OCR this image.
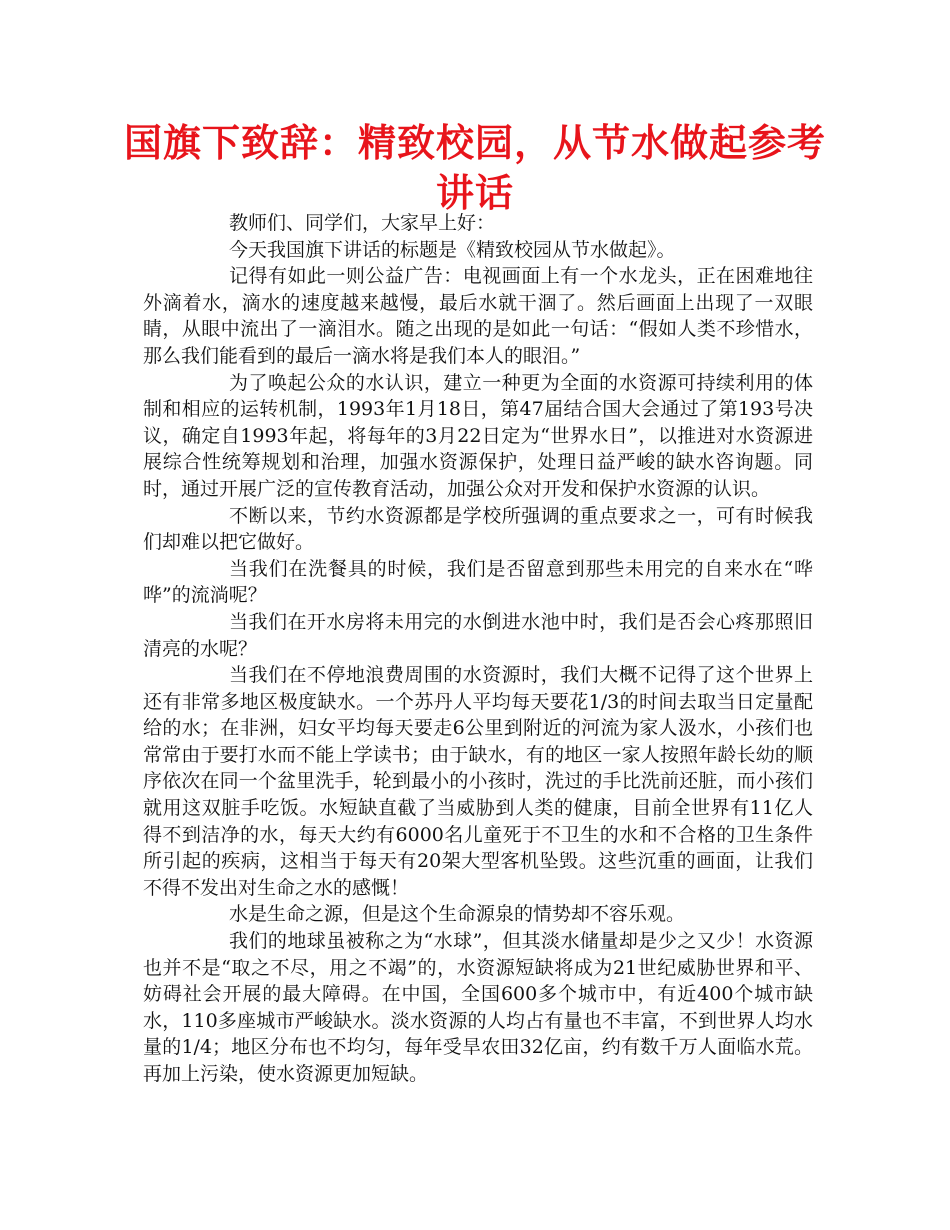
国旗下致辞：精致校园，从节水做起参考讲话

教师们、同学们，大家早上好：

今天我国旗下讲话的标题是《精致校园从节水做起》。

记得有如此一则公益广告：电视画面上有一个水龙头，正在困难地往外滴着水，滴水的速度越来越慢，最后水就干涸了。然后画面上出现了一双眼睛，从眼中流出了一滴泪水。随之出现的是如此一句话：“假如人类不珍惜水，那么我们能看到的最后一滴水将是我们本人的眼泪。”

为了唤起公众的水认识，建立一种更为全面的水资源可持续利用的体制和相应的运转机制，1993年1月18日，第47届结合国大会通过了第193号决议，确定自1993年起，将每年的3月22日定为“世界水日”，以推进对水资源进展综合性统筹规划和治理，加强水资源保护，处理日益严峻的缺水咨询题。同时，通过开展广泛的宣传教育活动，加强公众对开发和保护水资源的认识。

不断以来，节约水资源都是学校所强调的重点要求之一，可有时候我们却难以把它做好。

当我们在洗餐具的时候，我们是否留意到那些未用完的自来水在“哗哗”的流淌呢？

当我们在开水房将未用完的水倒进水池中时，我们是否会心疼那照旧清亮的水呢？

当我们在不停地浪费周围的水资源时，我们大概不记得了这个世界上还有非常多地区极度缺水。一个苏丹人平均每天要花1/3的时间去取当日定量配给的水；在非洲，妇女平均每天要走6公里到附近的河流为家人汲水，小孩们也常常由于要打水而不能上学读书；由于缺水，有的地区一家人按照年龄长幼的顺序依次在同一个盆里洗手，轮到最小的小孩时，洗过的手比洗前还脏，而小孩们就用这双脏手吃饭。水短缺直截了当威胁到人类的健康，目前全世界有11亿人得不到洁净的水，每天大约有6000名儿童死于不卫生的水和不合格的卫生条件所引起的疾病，这相当于每天有20架大型客机坠毁。这些沉重的画面，让我们不得不发出对生命之水的感慨！

水是生命之源，但是这个生命源泉的情势却不容乐观。

我们的地球虽被称之为“水球”，但其淡水储量却是少之又少！水资源也并不是“取之不尽，用之不竭”的，水资源短缺将成为21世纪威胁世界和平、妨碍社会开展的最大障碍。在中国，全国600多个城市中，有近400个城市缺水，110多座城市严峻缺水。淡水资源的人均占有量也不丰富，不到世界人均水量的1/4；地区分布也不均匀，每年受旱农田32亿亩，约有数千万人面临水荒。再加上污染，使水资源更加短缺。
